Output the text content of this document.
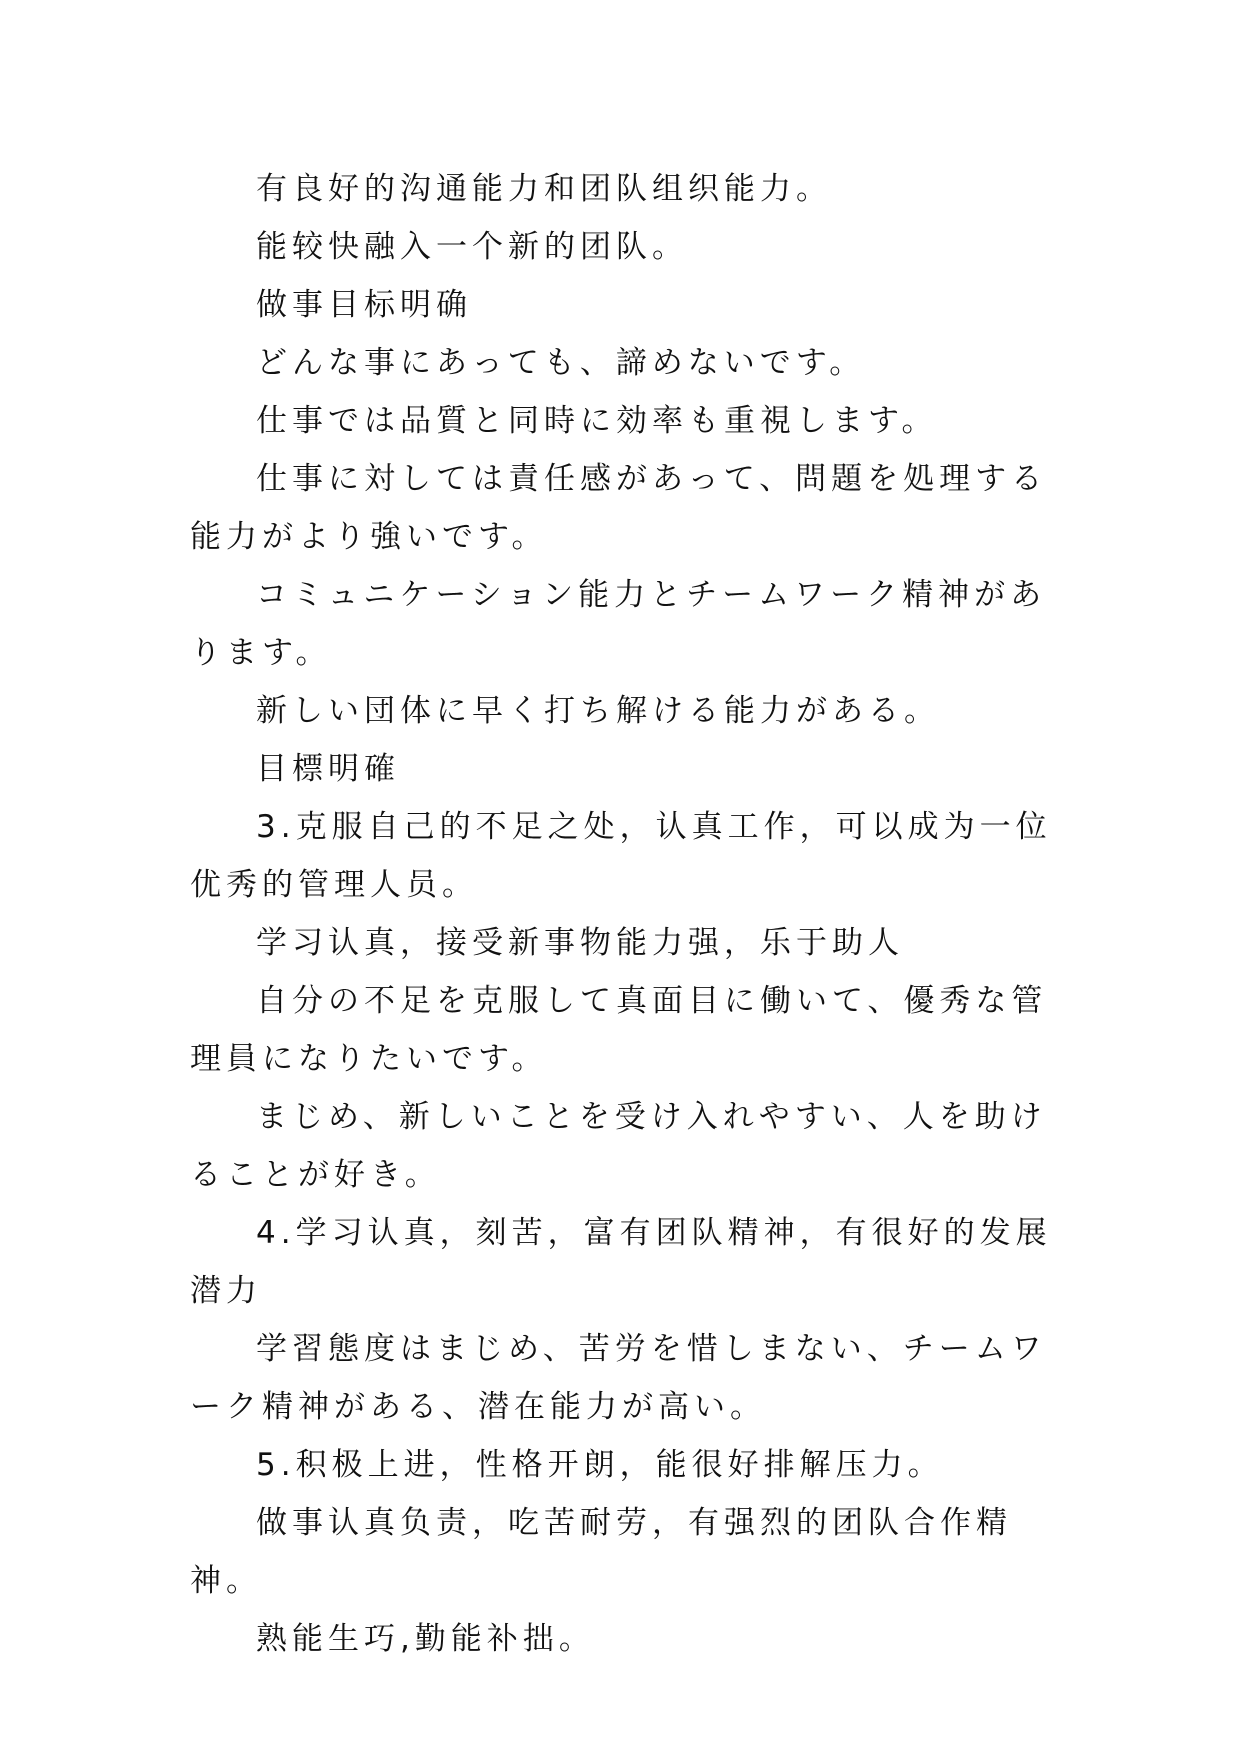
有良好的沟通能力和团队组织能力。

能较快融入一个新的团队。

做事目标明确

どんな事にあっても、諦めないです。

仕事では品質と同時に効率も重視します。

仕事に対しては責任感があって、問題を処理する能力がより強いです。

コミュニケーション能力とチームワーク精神があります。

新しい団体に早く打ち解ける能力がある。

目標明確

3.克服自己的不足之处，认真工作，可以成为一位优秀的管理人员。

学习认真，接受新事物能力强，乐于助人

自分の不足を克服して真面目に働いて、優秀な管理員になりたいです。

まじめ、新しいことを受け入れやすい、人を助けることが好き。

4.学习认真，刻苦，富有团队精神，有很好的发展潜力

学習態度はまじめ、苦労を惜しまない、チームワーク精神がある、潜在能力が高い。

5.积极上进，性格开朗，能很好排解压力。

做事认真负责，吃苦耐劳，有强烈的团队合作精神。

熟能生巧,勤能补拙。
